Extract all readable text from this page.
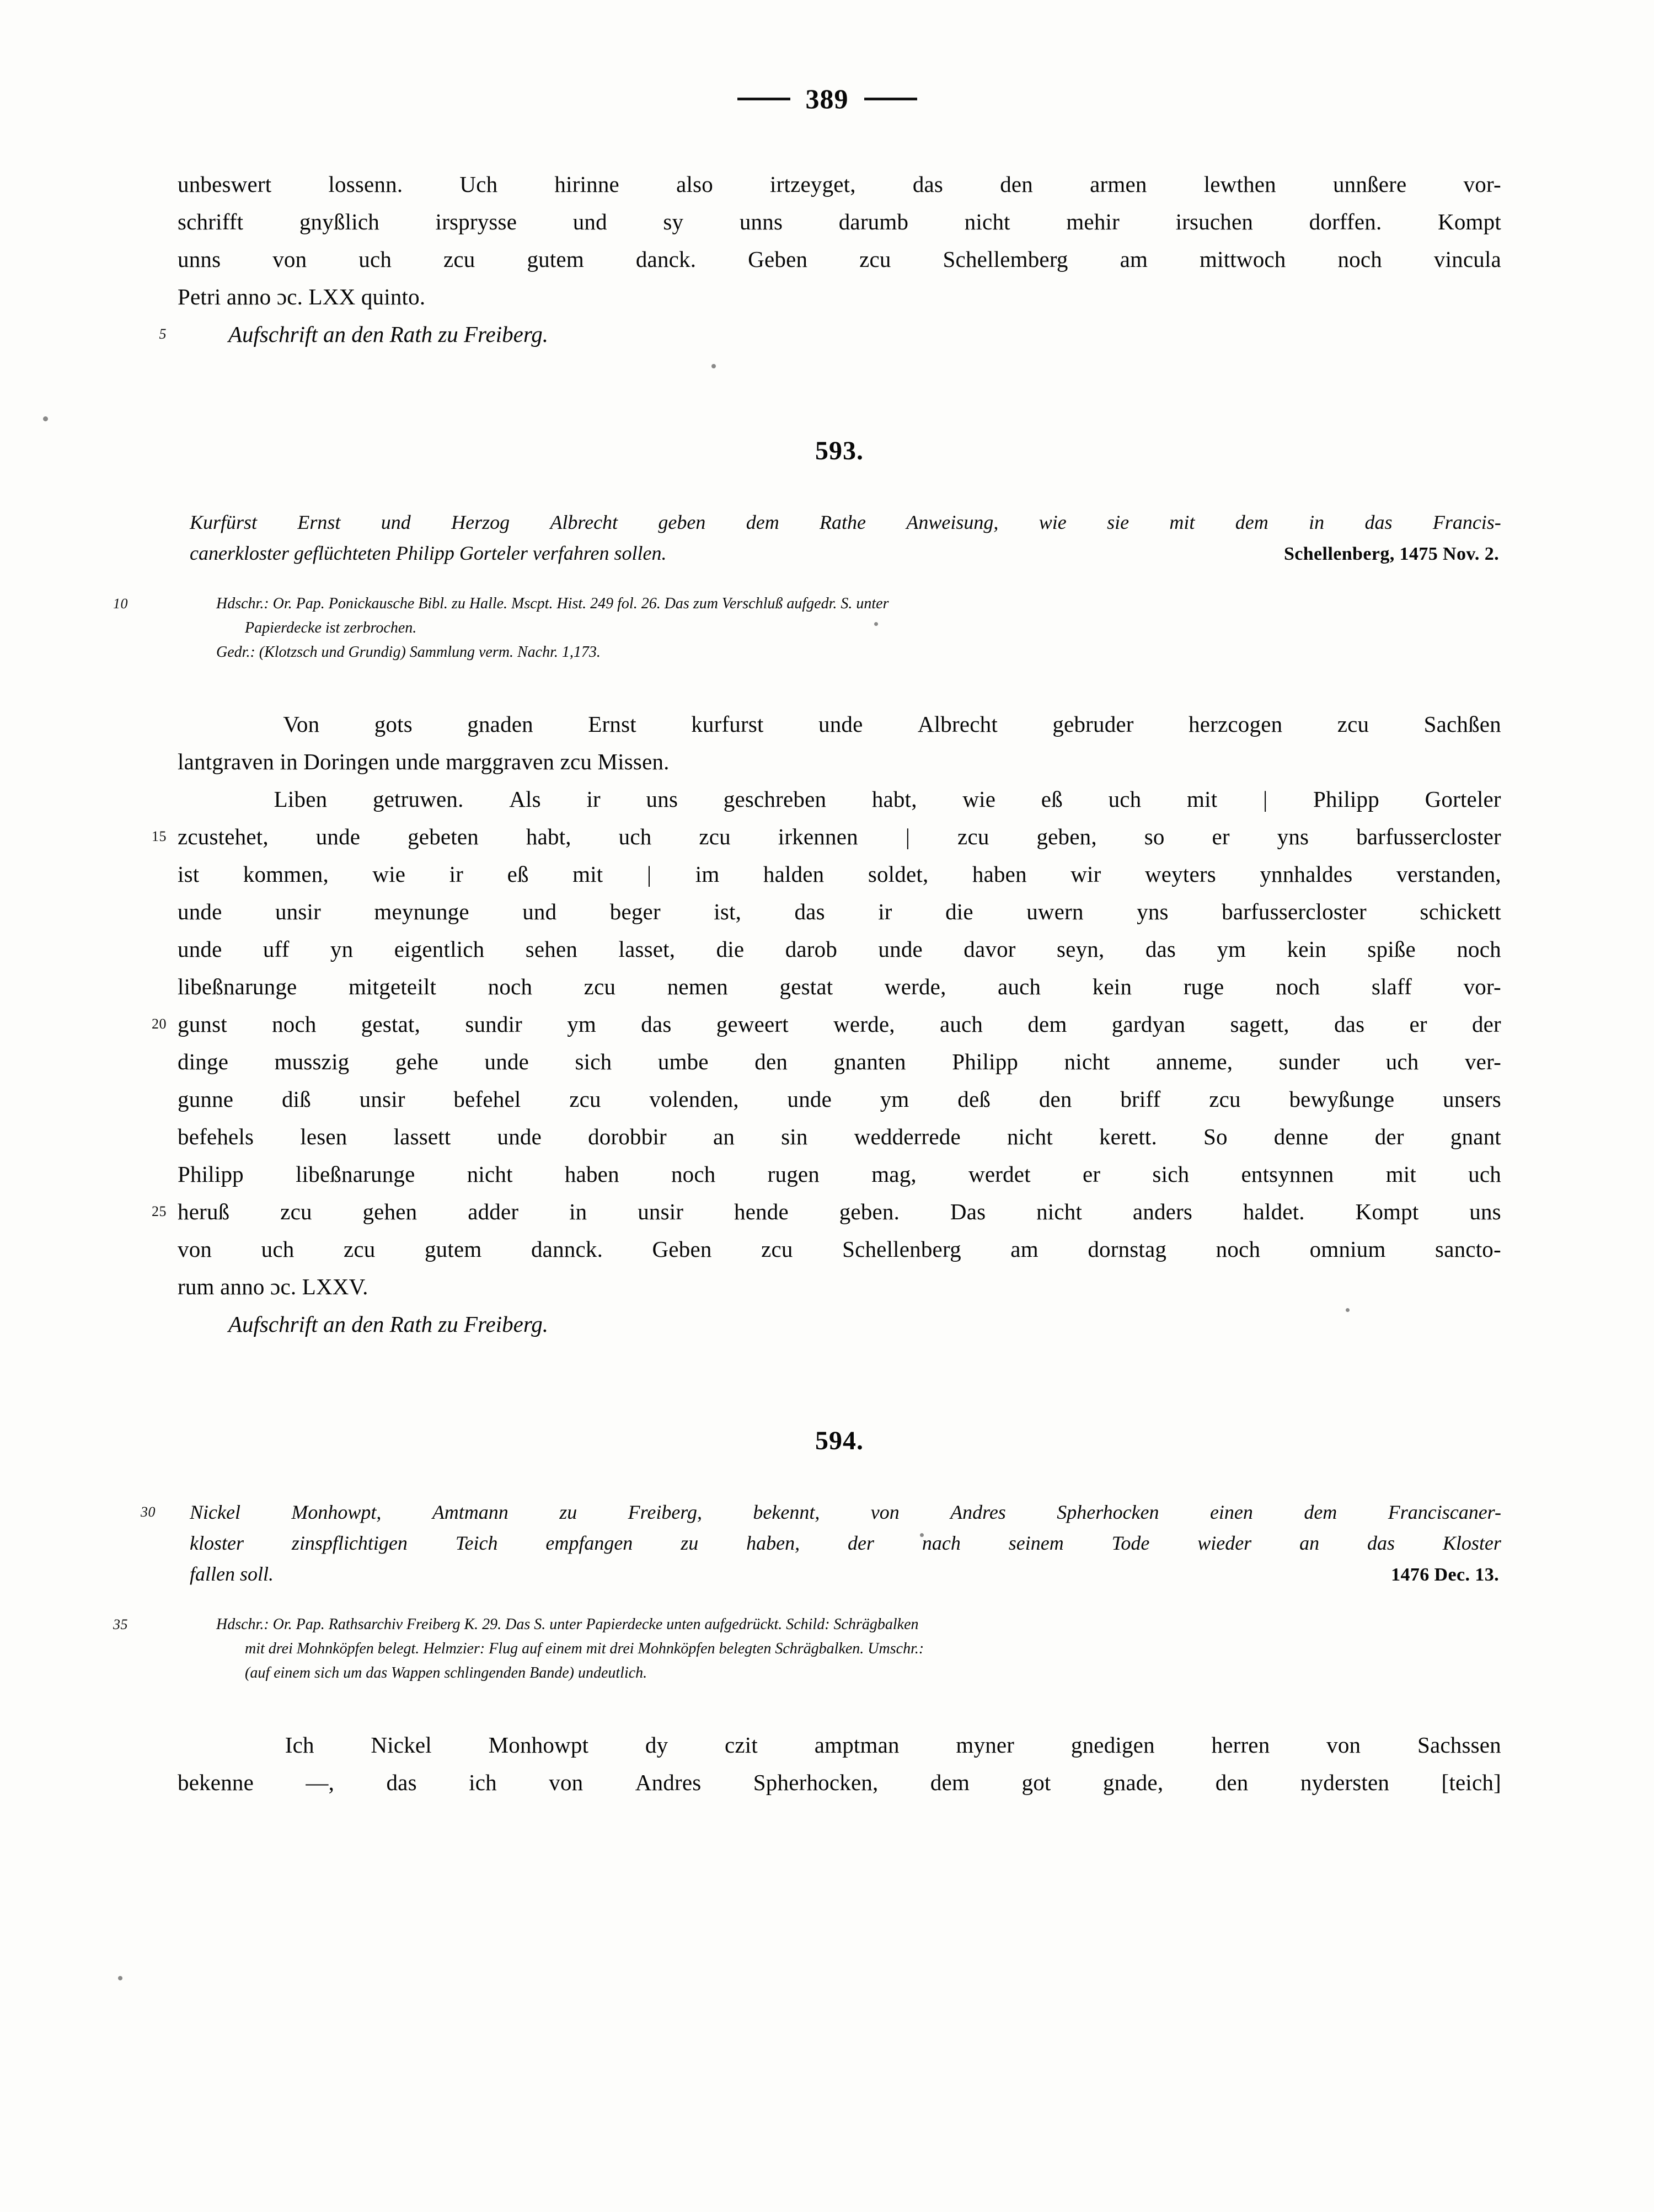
389
unbeswert	lossenn.	Uch	hirinne	also	irtzeyget,	das	den	armen	lewthen	unnßere	vor-
schrifft gnyßlich irsprysse und sy unns darumb nicht mehir irsuchen dorffen. Kompt
unns von uch zcu gutem danck. Geben zcu Schellemberg am mittwoch noch vincula
Petri anno ɔc. LXX quinto.
5	Aufschrift an den Rath zu Freiberg.
593.
Kurfürst Ernst und Herzog Albrecht geben dem Rathe Anweisung, wie sie mit dem in das Francis-
canerkloster geflüchteten Philipp Gorteler verfahren sollen.	Schellenberg, 1475 Nov. 2.
Hdschr.: Or. Pap. Ponickausche Bibl. zu Halle. Mscpt. Hist. 249 fol. 26. Das zum Verschluß aufgedr. S. unter
10
Papierdecke ist zerbrochen.
Gedr.: (Klotzsch und Grundig) Sammlung verm. Nachr. 1,173.
Von gots gnaden Ernst kurfurst unde Albrecht gebruder herzcogen zcu Sachßen
lantgraven in Doringen unde marggraven zcu Missen.
Liben getruwen. Als ir uns geschreben habt, wie eß uch mit | Philipp Gorteler
15 zcustehet, unde gebeten habt, uch zcu irkennen | zcu geben, so er yns barfussercloster
ist kommen, wie ir eß mit | im halden soldet, haben wir weyters ynnhaldes verstanden,
unde unsir meynunge und beger ist, das ir die uwern yns barfussercloster schickett
unde uff yn eigentlich sehen lasset, die darob unde davor seyn, das ym kein spiße noch
libeßnarunge mitgeteilt noch zcu nemen gestat werde, auch kein ruge noch slaff vor-
20 gunst noch gestat, sundir ym das geweert werde, auch dem gardyan sagett, das er der
dinge musszig gehe unde sich umbe den gnanten Philipp nicht anneme, sunder uch ver-
gunne diß unsir befehel zcu volenden, unde ym deß den briff zcu bewyßunge unsers
befehels lesen lassett unde dorobbir an sin wedderrede nicht kerett. So denne der gnant
Philipp libeßnarunge nicht haben noch rugen mag, werdet er sich entsynnen mit uch
25 heruß zcu gehen adder in unsir hende geben. Das nicht anders haldet. Kompt uns
von uch zcu gutem dannck. Geben zcu Schellenberg am dornstag noch omnium sancto-
rum anno ɔc. LXXV.
Aufschrift an den Rath zu Freiberg.
594.
30 Nickel	Monhowpt,	Amtmann	zu	Freiberg,	bekennt,	von	Andres	Spherhocken	einen	dem	Franciscaner-
kloster zinspflichtigen Teich empfangen zu haben, der nach seinem Tode wieder an das Kloster
fallen soll.	1476 Dec. 13.
Hdschr.: Or. Pap. Rathsarchiv Freiberg K. 29. Das S. unter Papierdecke unten aufgedrückt. Schild: Schrägbalken
mit drei Mohnköpfen belegt. Helmzier: Flug auf einem mit drei Mohnköpfen belegten Schrägbalken. Umschr.:
35
(auf einem sich um das Wappen schlingenden Bande) undeutlich.
Ich	Nickel	Monhowpt	dy	czit	amptman	myner	gnedigen	herren	von	Sachssen
bekenne —, das ich von Andres Spherhocken, dem got gnade, den nydersten [teich]
